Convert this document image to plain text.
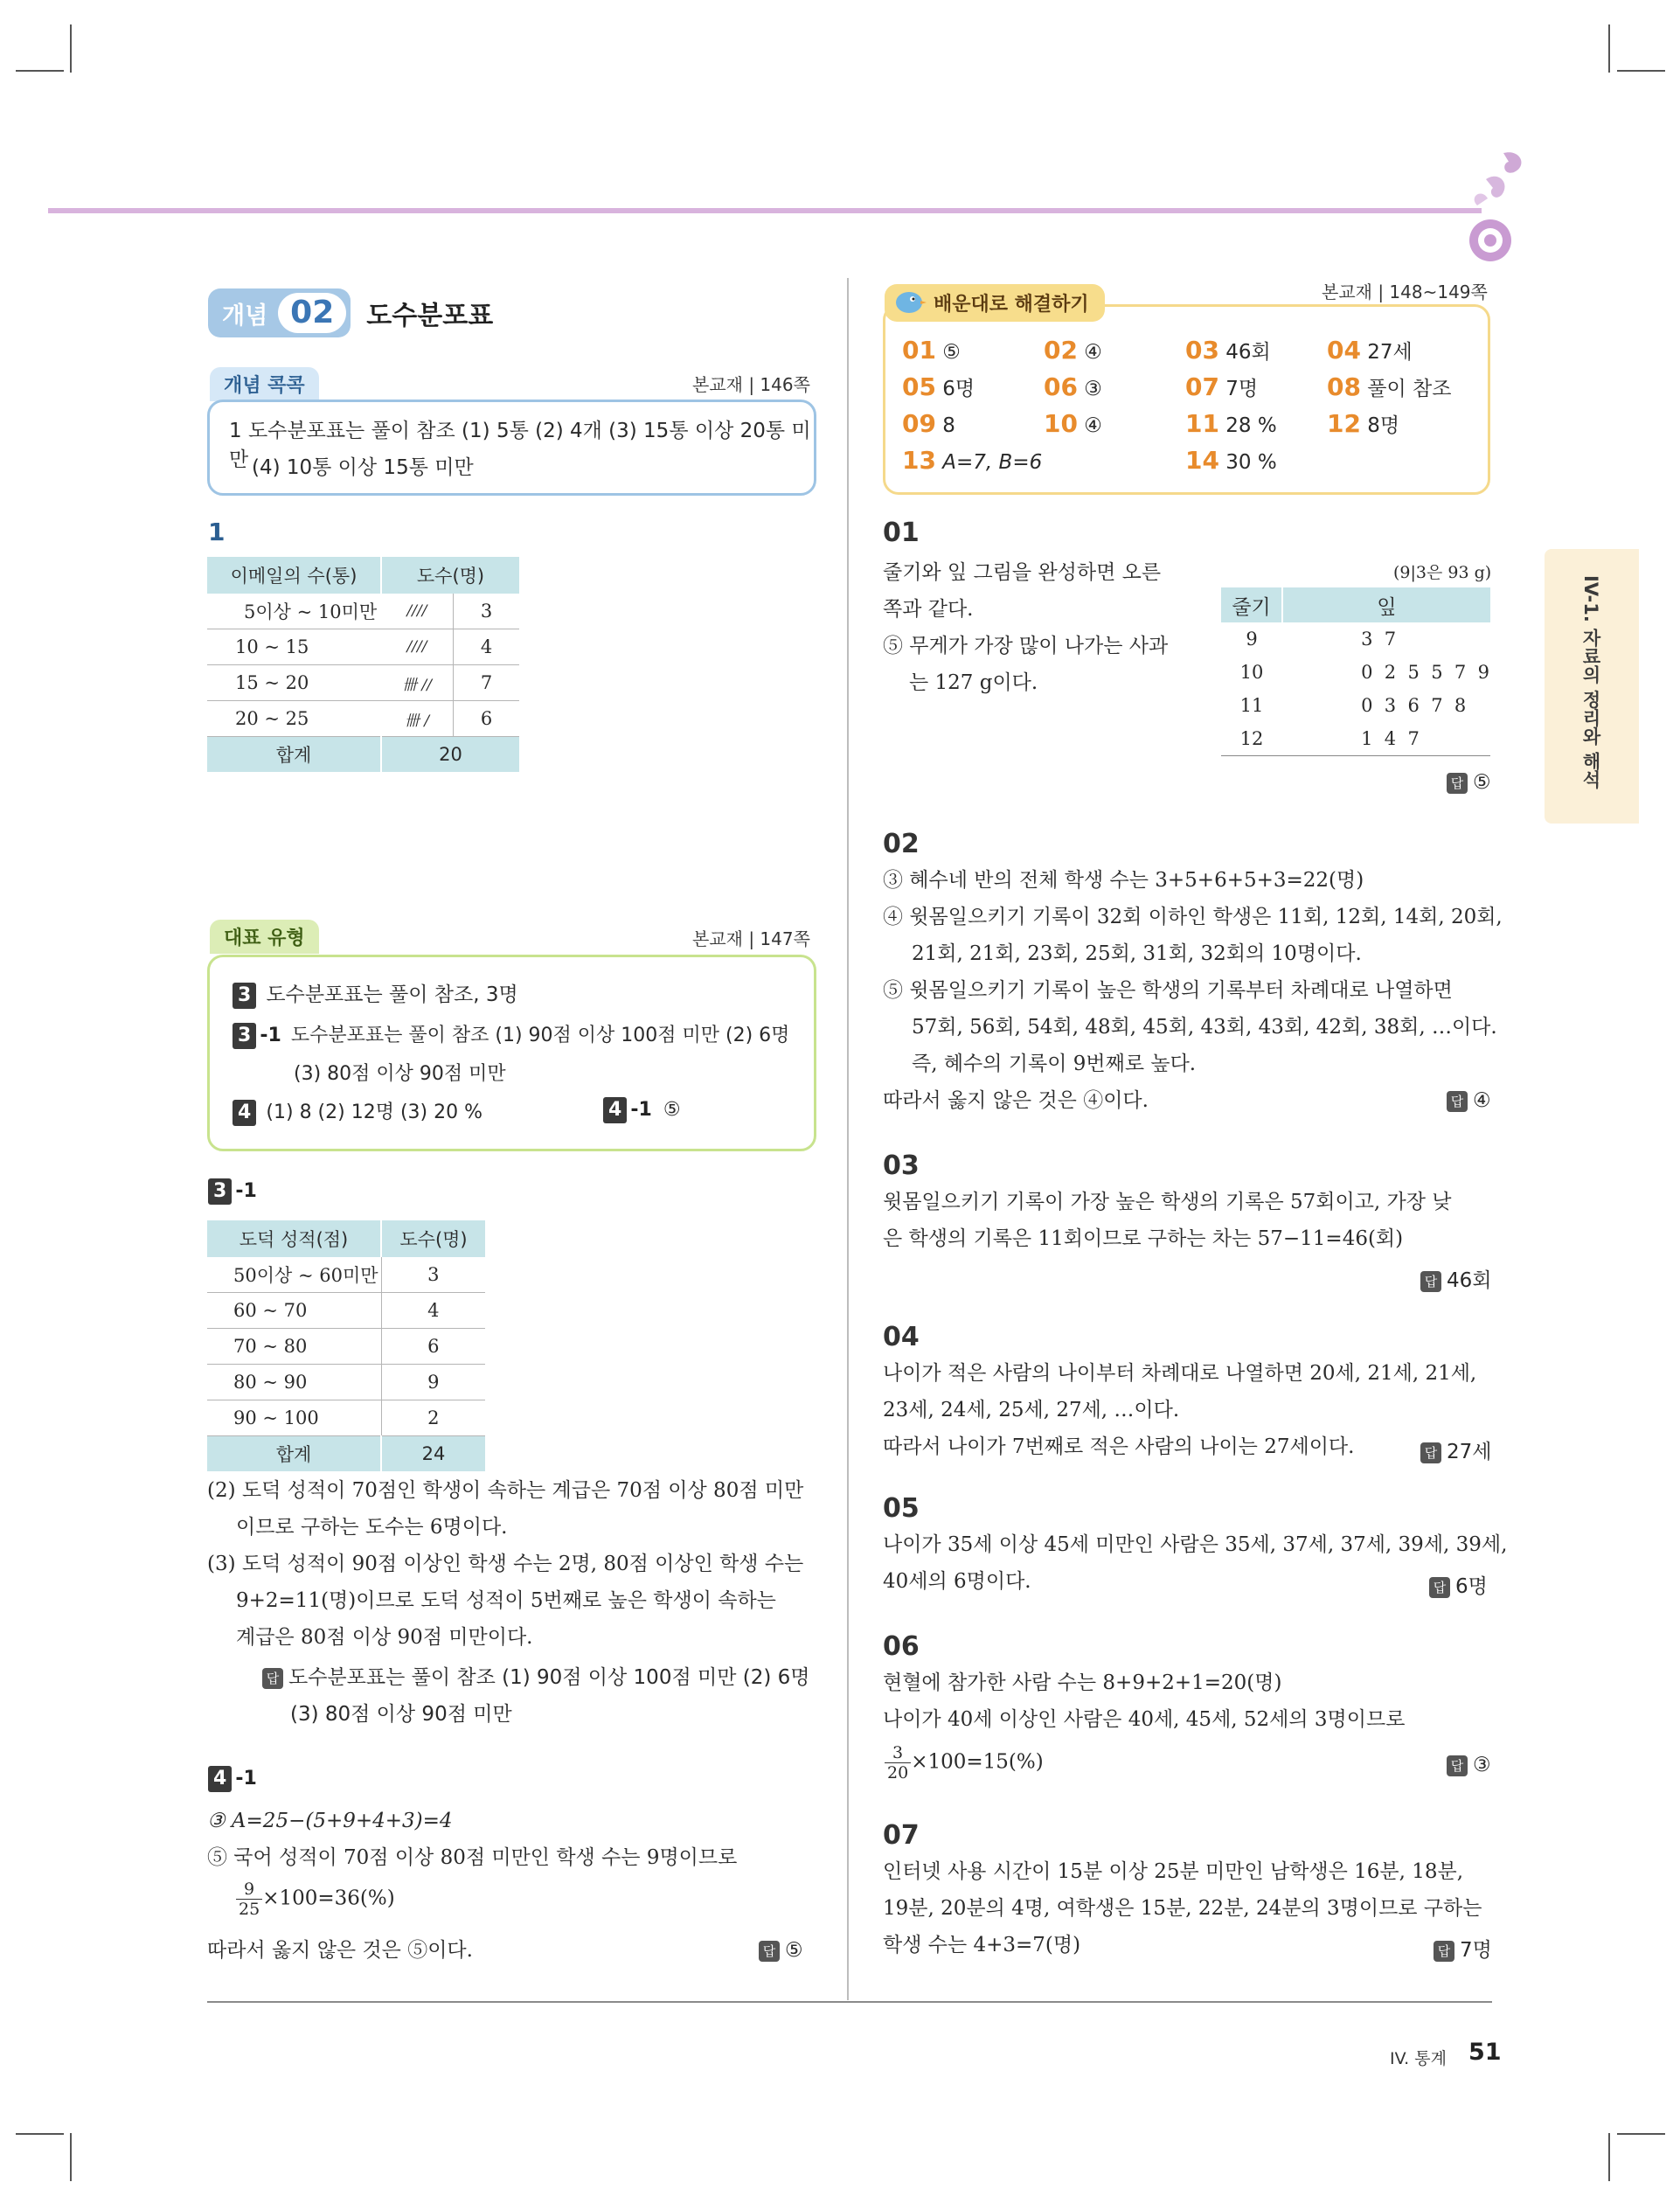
개념 02	도수분포표
개념 콕콕	본교재 | 146쪽
1 도수분포표는 풀이 참조 (1) 5통 (2) 4개 (3) 15통 이상 20통 미만 (4) 10통 이상 15통 미만
1
이메일의 수(통)	도수(명)	
5이상 ~ 10미만	////	3
10 ~ 15	////	4
15 ~ 20	卌 //	7
20 ~ 25	卌 /	6
합계	20	
대표 유형	본교재 | 147쪽
3 도수분포표는 풀이 참조, 3명
3 -1 도수분포표는 풀이 참조 (1) 90점 이상 100점 미만 (2) 6명
(3) 80점 이상 90점 미만
4 (1) 8 (2) 12명 (3) 20 %	4 -1 ⑤
3 -1
도덕 성적(점)	도수(명)
50이상 ~ 60미만	3
60 ~ 70	4
70 ~ 80	6
80 ~ 90	9
90 ~ 100	2
합계	24
(2) 도덕 성적이 70점인 학생이 속하는 계급은 70점 이상 80점 미만
이므로 구하는 도수는 6명이다.
(3) 도덕 성적이 90점 이상인 학생 수는 2명, 80점 이상인 학생 수는
9+2=11(명)이므로 도덕 성적이 5번째로 높은 학생이 속하는
계급은 80점 이상 90점 미만이다.
답 도수분포표는 풀이 참조 (1) 90점 이상 100점 미만 (2) 6명
(3) 80점 이상 90점 미만
4 -1
③ A=25−(5+9+4+3)=4
⑤ 국어 성적이 70점 이상 80점 미만인 학생 수는 9명이므로
$\frac{9}{25} \times 100=36(\%)$
따라서 옳지 않은 것은 ⑤이다.	답 ⑤
본교재 | 148~149쪽
배운대로 해결하기
01 ⑤	02 ④	03 46회 04 27세
05 6명	06 ③	07 7명	08 풀이 참조
09 8	10 ④	11 28 % 12 8명
13 A=7, B=6	14 30 %
01
줄기와 잎 그림을 완성하면 오른
쪽과 같다.
⑤ 무게가 가장 많이 나가는 사과
는 127 g이다.
(9|3은 93 g)
줄기	잎
9	3  7
10	0  2  5  5  7  9
11	0  3  6  7  8
12	1  4  7
답 ⑤
02
③ 혜수네 반의 전체 학생 수는 3+5+6+5+3=22(명)
④ 윗몸일으키기 기록이 32회 이하인 학생은 11회, 12회, 14회, 20회,
21회, 21회, 23회, 25회, 31회, 32회의 10명이다.
⑤ 윗몸일으키기 기록이 높은 학생의 기록부터 차례대로 나열하면
57회, 56회, 54회, 48회, 45회, 43회, 43회, 42회, 38회, …이다.
즉, 혜수의 기록이 9번째로 높다.
따라서 옳지 않은 것은 ④이다.	답 ④
03
윗몸일으키기 기록이 가장 높은 학생의 기록은 57회이고, 가장 낮
은 학생의 기록은 11회이므로 구하는 차는 57−11=46(회)
답 46회
04
나이가 적은 사람의 나이부터 차례대로 나열하면 20세, 21세, 21세,
23세, 24세, 25세, 27세, …이다.
따라서 나이가 7번째로 적은 사람의 나이는 27세이다.	답 27세
05
나이가 35세 이상 45세 미만인 사람은 35세, 37세, 37세, 39세, 39세,
40세의 6명이다.	답 6명
06
현혈에 참가한 사람 수는 8+9+2+1=20(명)
나이가 40세 이상인 사람은 40세, 45세, 52세의 3명이므로
$\frac{3}{20} \times 100=15(\%)$	답 ③
07
인터넷 사용 시간이 15분 이상 25분 미만인 남학생은 16분, 18분,
19분, 20분의 4명, 여학생은 15분, 22분, 24분의 3명이므로 구하는
학생 수는 4+3=7(명)	답 7명
IV-1. 자료의 정리와 해석
IV. 통계 51
